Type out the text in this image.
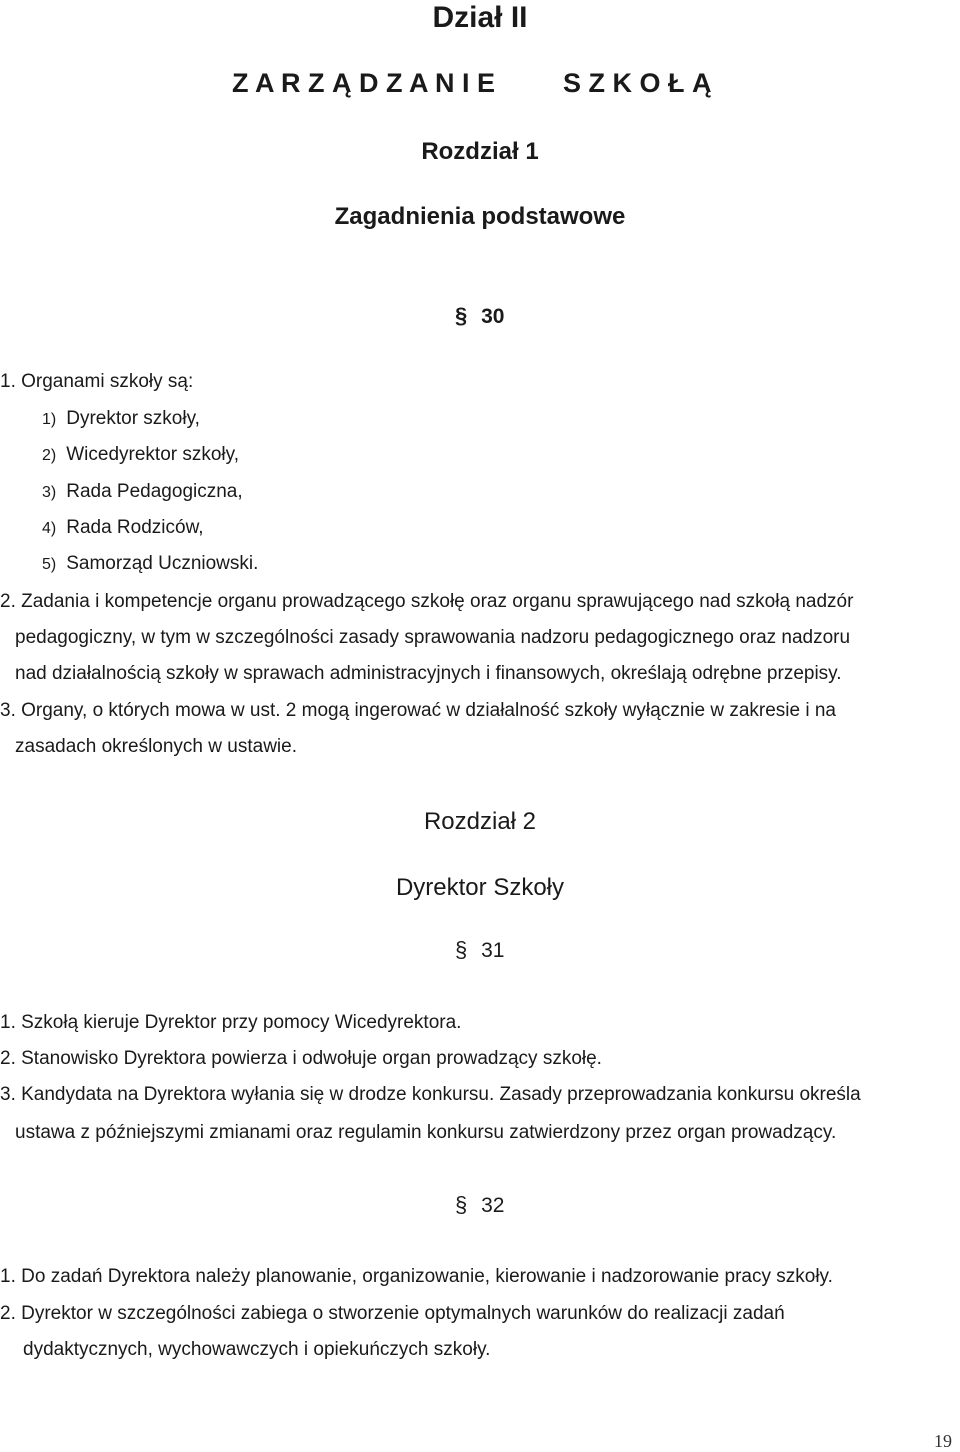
Dział II
Z A R Z Ą D Z A N I E	S Z K O Ł Ą
Rozdział 1
Zagadnienia podstawowe
§ 30
1. Organami szkoły są:
1) Dyrektor szkoły,
2) Wicedyrektor szkoły,
3) Rada Pedagogiczna,
4) Rada Rodziców,
5) Samorząd Uczniowski.
2. Zadania i kompetencje organu prowadzącego szkołę oraz organu sprawującego nad szkołą nadzór
pedagogiczny, w tym w szczególności zasady sprawowania nadzoru pedagogicznego oraz nadzoru
nad działalnością szkoły w sprawach administracyjnych i finansowych, określają odrębne przepisy.
3. Organy, o których mowa w ust. 2 mogą ingerować w działalność szkoły wyłącznie w zakresie i na
zasadach określonych w ustawie.
Rozdział 2
Dyrektor Szkoły
§ 31
1. Szkołą kieruje Dyrektor przy pomocy Wicedyrektora.
2. Stanowisko Dyrektora powierza i odwołuje organ prowadzący szkołę.
3. Kandydata na Dyrektora wyłania się w drodze konkursu. Zasady przeprowadzania konkursu określa
ustawa z późniejszymi zmianami oraz regulamin konkursu zatwierdzony przez organ prowadzący.
§ 32
1. Do zadań Dyrektora należy planowanie, organizowanie, kierowanie i nadzorowanie pracy szkoły.
2. Dyrektor w szczególności zabiega o stworzenie optymalnych warunków do realizacji zadań
dydaktycznych, wychowawczych i opiekuńczych szkoły.
19
